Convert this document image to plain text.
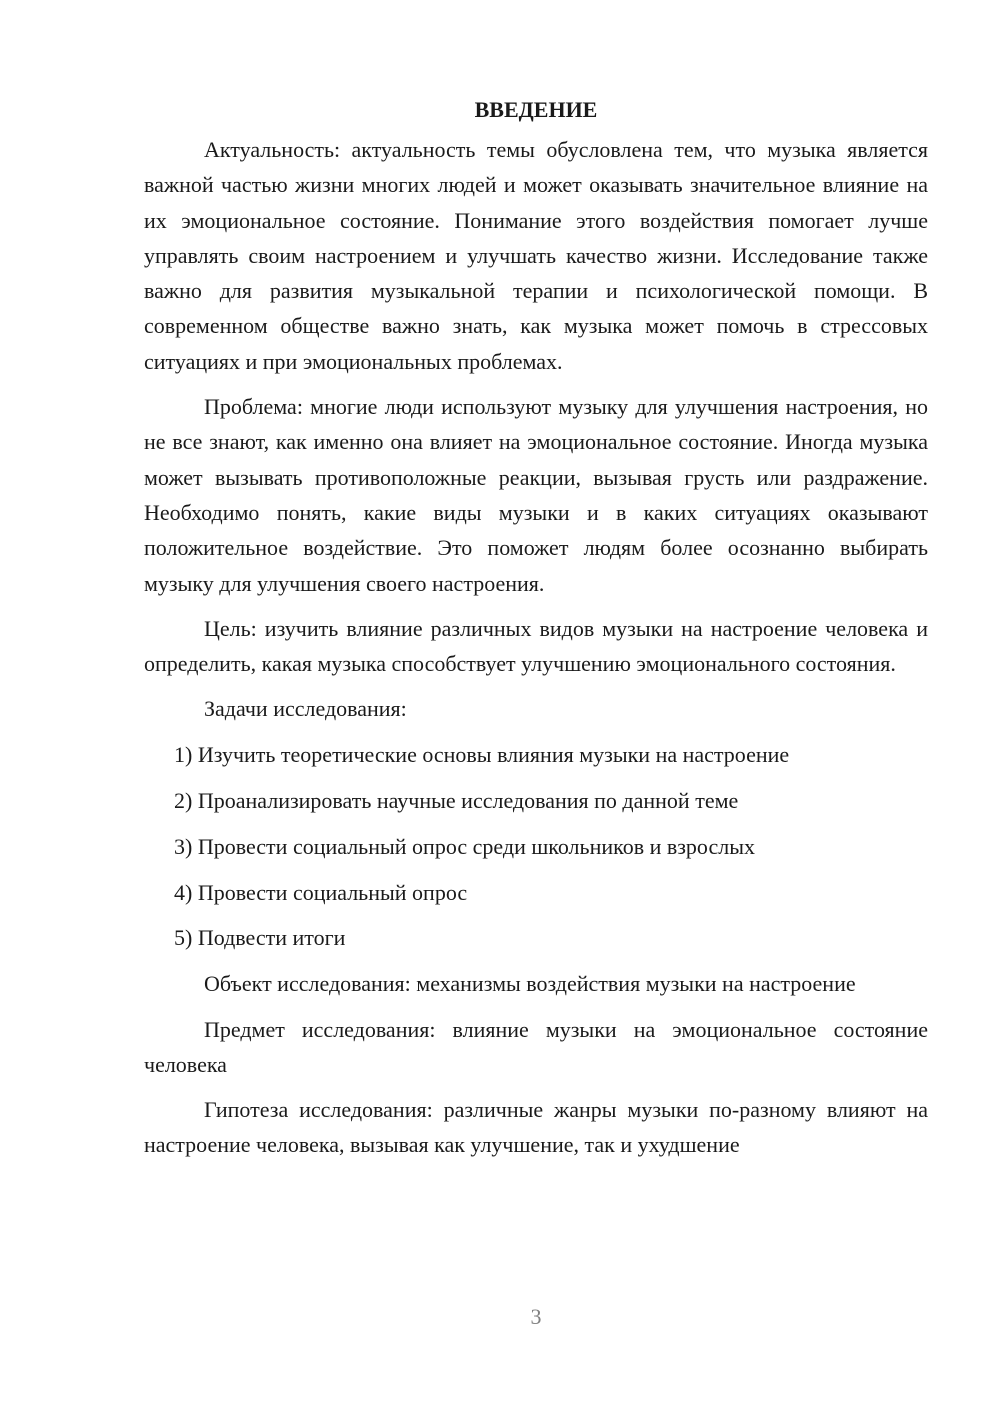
ВВЕДЕНИЕ

Актуальность: актуальность темы обусловлена тем, что музыка является важной частью жизни многих людей и может оказывать значительное влияние на их эмоциональное состояние. Понимание этого воздействия помогает лучше управлять своим настроением и улучшать качество жизни. Исследование также важно для развития музыкальной терапии и психологической помощи. В современном обществе важно знать, как музыка может помочь в стрессовых ситуациях и при эмоциональных проблемах.

Проблема: многие люди используют музыку для улучшения настроения, но не все знают, как именно она влияет на эмоциональное состояние. Иногда музыка может вызывать противоположные реакции, вызывая грусть или раздражение. Необходимо понять, какие виды музыки и в каких ситуациях оказывают положительное воздействие. Это поможет людям более осознанно выбирать музыку для улучшения своего настроения.

Цель: изучить влияние различных видов музыки на настроение человека и определить, какая музыка способствует улучшению эмоционального состояния.

Задачи исследования:

1) Изучить теоретические основы влияния музыки на настроение

2) Проанализировать научные исследования по данной теме

3) Провести социальный опрос среди школьников и взрослых

4) Провести социальный опрос

5) Подвести итоги

Объект исследования: механизмы воздействия музыки на настроение

Предмет исследования: влияние музыки на эмоциональное состояние человека

Гипотеза исследования: различные жанры музыки по-разному влияют на настроение человека, вызывая как улучшение, так и ухудшение

3
